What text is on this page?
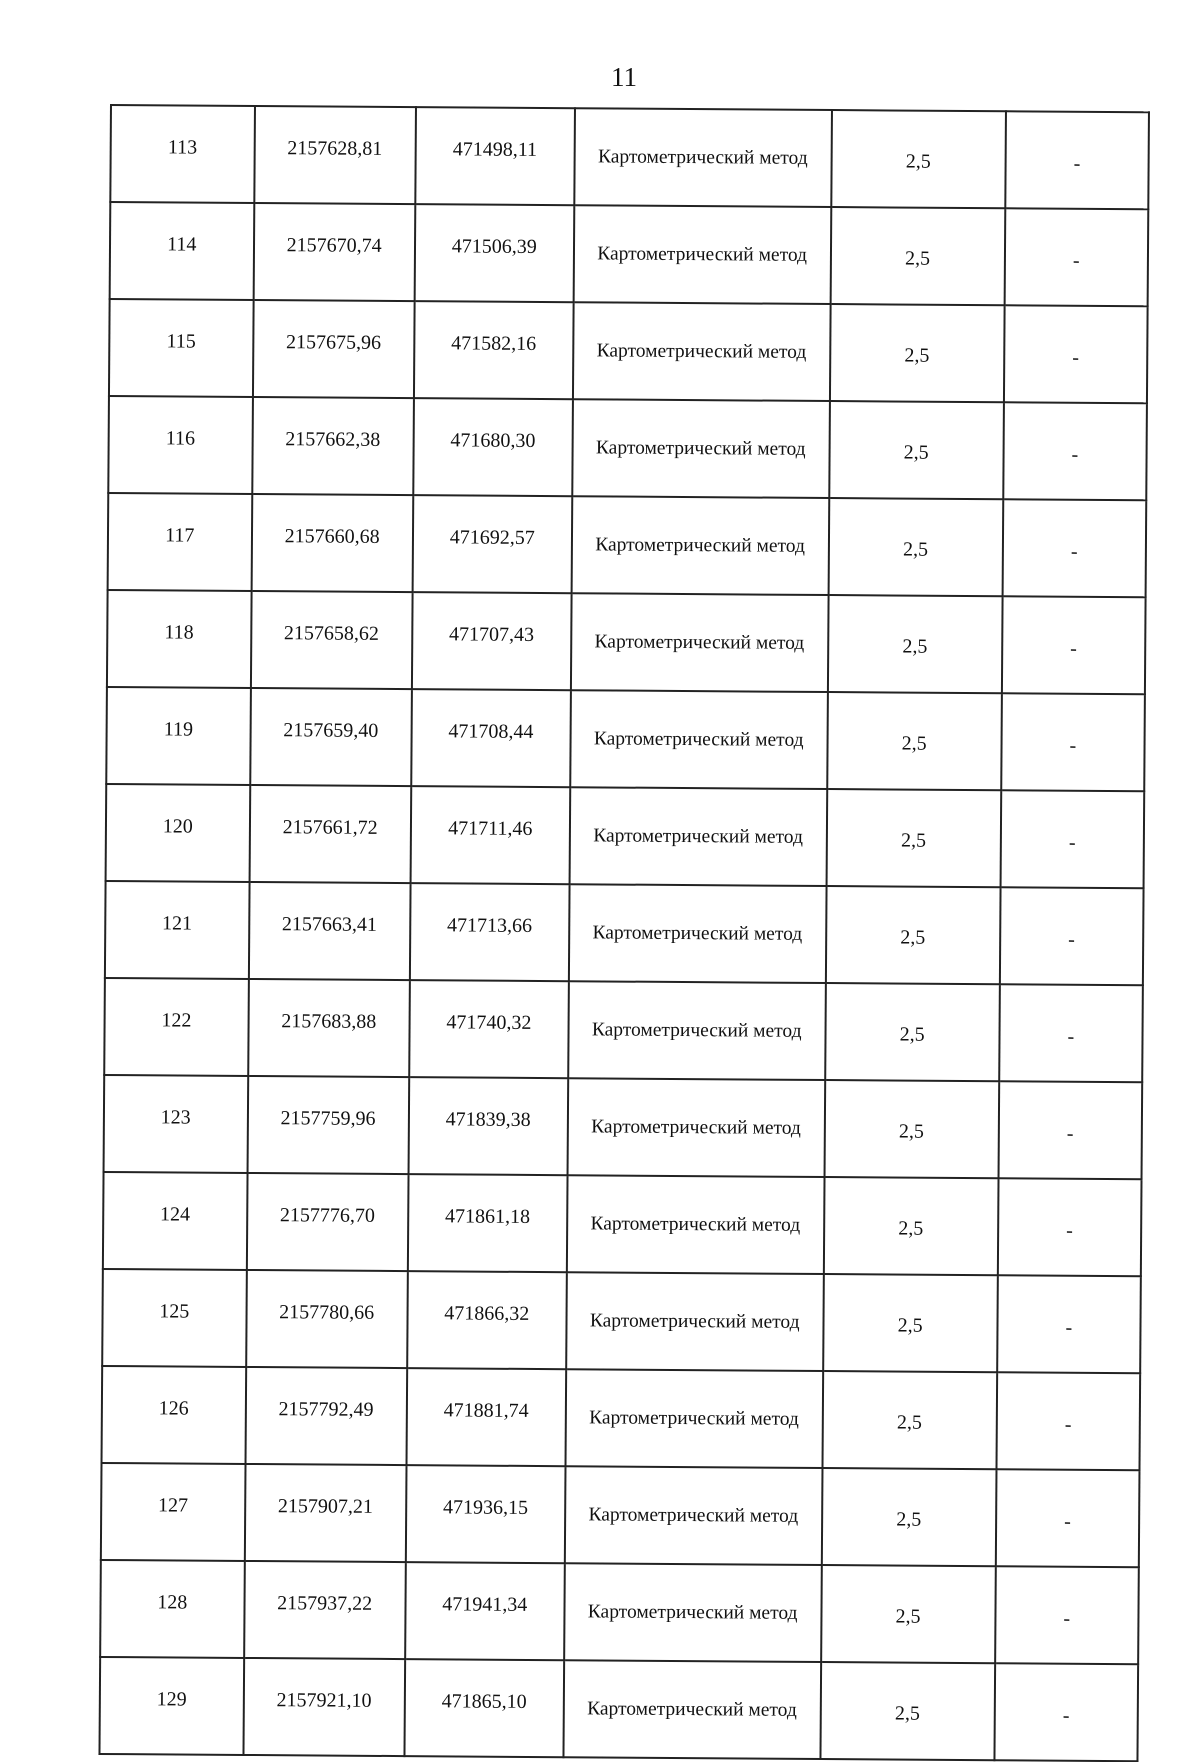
11
113	2157628,81	471498,11	Картометрический метод	2,5	-
114	2157670,74	471506,39	Картометрический метод	2,5	-
115	2157675,96	471582,16	Картометрический метод	2,5	-
116	2157662,38	471680,30	Картометрический метод	2,5	-
117	2157660,68	471692,57	Картометрический метод	2,5	-
118	2157658,62	471707,43	Картометрический метод	2,5	-
119	2157659,40	471708,44	Картометрический метод	2,5	-
120	2157661,72	471711,46	Картометрический метод	2,5	-
121	2157663,41	471713,66	Картометрический метод	2,5	-
122	2157683,88	471740,32	Картометрический метод	2,5	-
123	2157759,96	471839,38	Картометрический метод	2,5	-
124	2157776,70	471861,18	Картометрический метод	2,5	-
125	2157780,66	471866,32	Картометрический метод	2,5	-
126	2157792,49	471881,74	Картометрический метод	2,5	-
127	2157907,21	471936,15	Картометрический метод	2,5	-
128	2157937,22	471941,34	Картометрический метод	2,5	-
129	2157921,10	471865,10	Картометрический метод	2,5	-
